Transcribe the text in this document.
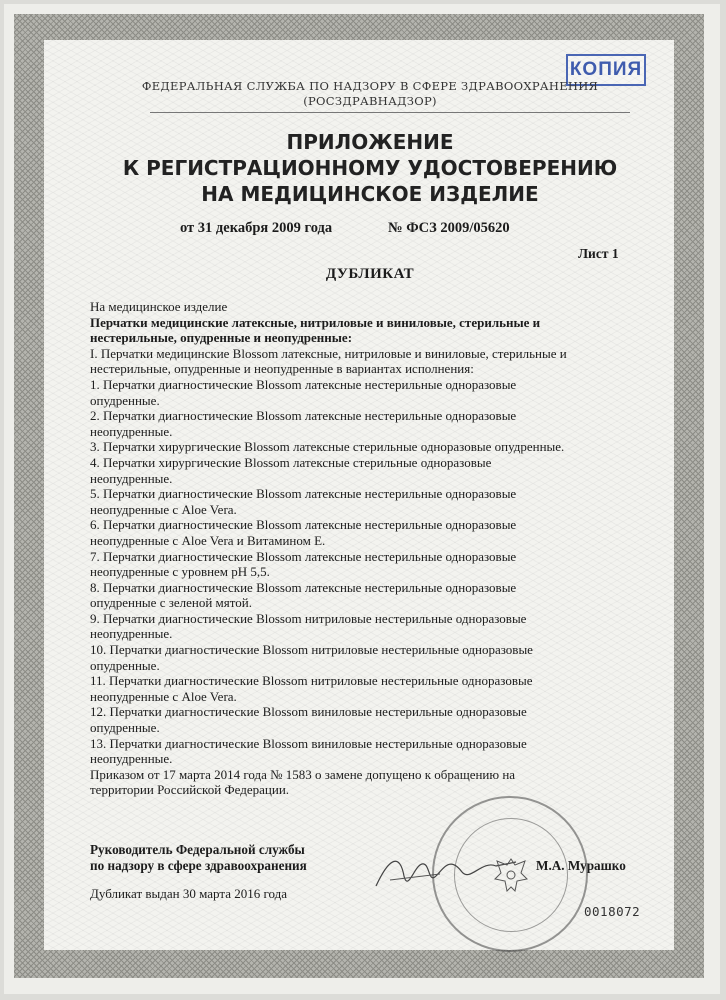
КОПИЯ
ФЕДЕРАЛЬНАЯ СЛУЖБА ПО НАДЗОРУ В СФЕРЕ ЗДРАВООХРАНЕНИЯ
(РОСЗДРАВНАДЗОР)
ПРИЛОЖЕНИЕ
К РЕГИСТРАЦИОННОМУ УДОСТОВЕРЕНИЮ
НА МЕДИЦИНСКОЕ ИЗДЕЛИЕ
от 31 декабря 2009 года	№ ФСЗ 2009/05620
Лист 1
ДУБЛИКАТ
На медицинское изделие
Перчатки медицинские латексные, нитриловые и виниловые, стерильные и
нестерильные, опудренные и неопудренные:
I. Перчатки медицинские Blossom латексные, нитриловые и виниловые, стерильные и
нестерильные, опудренные и неопудренные в вариантах исполнения:
1. Перчатки диагностические Blossom латексные нестерильные одноразовые
опудренные.
2. Перчатки диагностические Blossom латексные нестерильные одноразовые
неопудренные.
3. Перчатки хирургические Blossom латексные стерильные одноразовые опудренные.
4. Перчатки хирургические Blossom латексные стерильные одноразовые
неопудренные.
5. Перчатки диагностические Blossom латексные нестерильные одноразовые
неопудренные с Aloe Vera.
6. Перчатки диагностические Blossom латексные нестерильные одноразовые
неопудренные с Aloe Vera и Витамином Е.
7. Перчатки диагностические Blossom латексные нестерильные одноразовые
неопудренные с уровнем pH 5,5.
8. Перчатки диагностические Blossom латексные нестерильные одноразовые
опудренные с зеленой мятой.
9. Перчатки диагностические Blossom нитриловые нестерильные одноразовые
неопудренные.
10. Перчатки диагностические Blossom нитриловые нестерильные одноразовые
опудренные.
11. Перчатки диагностические Blossom нитриловые нестерильные одноразовые
неопудренные с Aloe Vera.
12. Перчатки диагностические Blossom виниловые нестерильные одноразовые
опудренные.
13. Перчатки диагностические Blossom виниловые нестерильные одноразовые
неопудренные.
Приказом от 17 марта 2014 года № 1583 о замене допущено к обращению на
территории Российской Федерации.
Руководитель Федеральной службы
по надзору в сфере здравоохранения	М.А. Мурашко
Дубликат выдан 30 марта 2016 года
0018072
